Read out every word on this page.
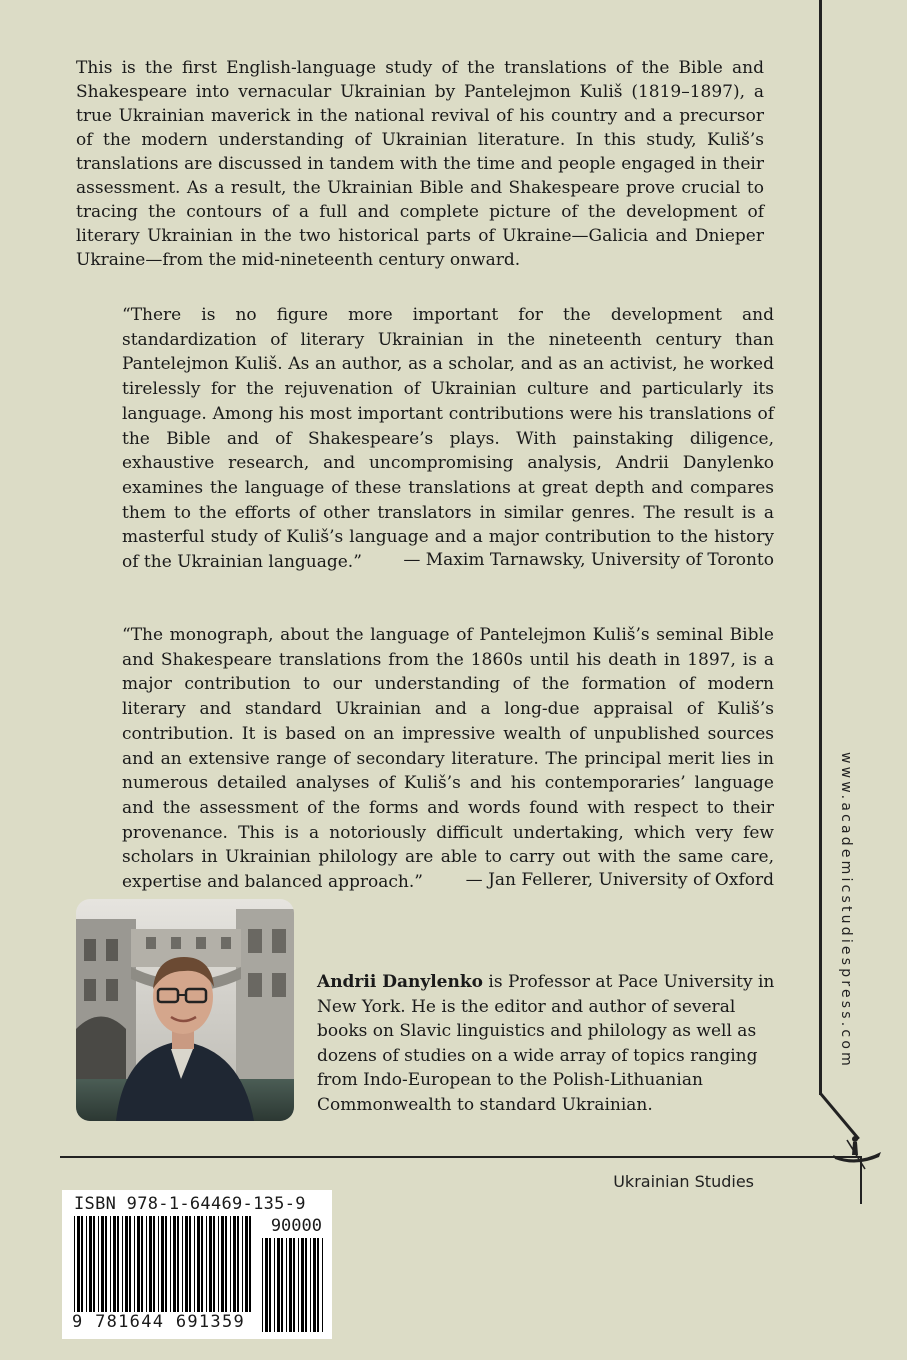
This is the first English-language study of the translations of the Bible and Shakespeare into vernacular Ukrainian by Pantelejmon Kuliš (1819–1897), a true Ukrainian maverick in the national revival of his country and a precursor of the modern understanding of Ukrainian literature. In this study, Kuliš’s translations are discussed in tandem with the time and people engaged in their assessment. As a result, the Ukrainian Bible and Shakespeare prove crucial to tracing the contours of a full and complete picture of the development of literary Ukrainian in the two historical parts of Ukraine—Galicia and Dnieper Ukraine—from the mid-nineteenth century onward.

“There is no figure more important for the development and standardization of literary Ukrainian in the nineteenth century than Pantelejmon Kuliš. As an author, as a scholar, and as an activist, he worked tirelessly for the rejuvenation of Ukrainian culture and particularly its language. Among his most important contributions were his translations of the Bible and of Shakespeare’s plays. With painstaking diligence, exhaustive research, and uncompromising analysis, Andrii Danylenko examines the language of these translations at great depth and compares them to the efforts of other translators in similar genres. The result is a masterful study of Kuliš’s language and a major contribution to the history of the Ukrainian language.”	— Maxim Tarnawsky, University of Toronto

“The monograph, about the language of Pantelejmon Kuliš’s seminal Bible and Shakespeare translations from the 1860s until his death in 1897, is a major contribution to our understanding of the formation of modern literary and standard Ukrainian and a long-due appraisal of Kuliš’s contribution. It is based on an impressive wealth of unpublished sources and an extensive range of secondary literature. The principal merit lies in numerous detailed analyses of Kuliš’s and his contemporaries’ language and the assessment of the forms and words found with respect to their provenance. This is a notoriously difficult undertaking, which very few scholars in Ukrainian philology are able to carry out with the same care, expertise and balanced approach.”	— Jan Fellerer, University of Oxford

Andrii Danylenko is Professor at Pace University in New York. He is the editor and author of several books on Slavic linguistics and philology as well as dozens of studies on a wide array of topics ranging from Indo-European to the Polish-Lithuanian Commonwealth to standard Ukrainian.

www.academicstudiespress.com
Ukrainian Studies
ISBN 978-1-64469-135-9
90000
9 781644 691359
